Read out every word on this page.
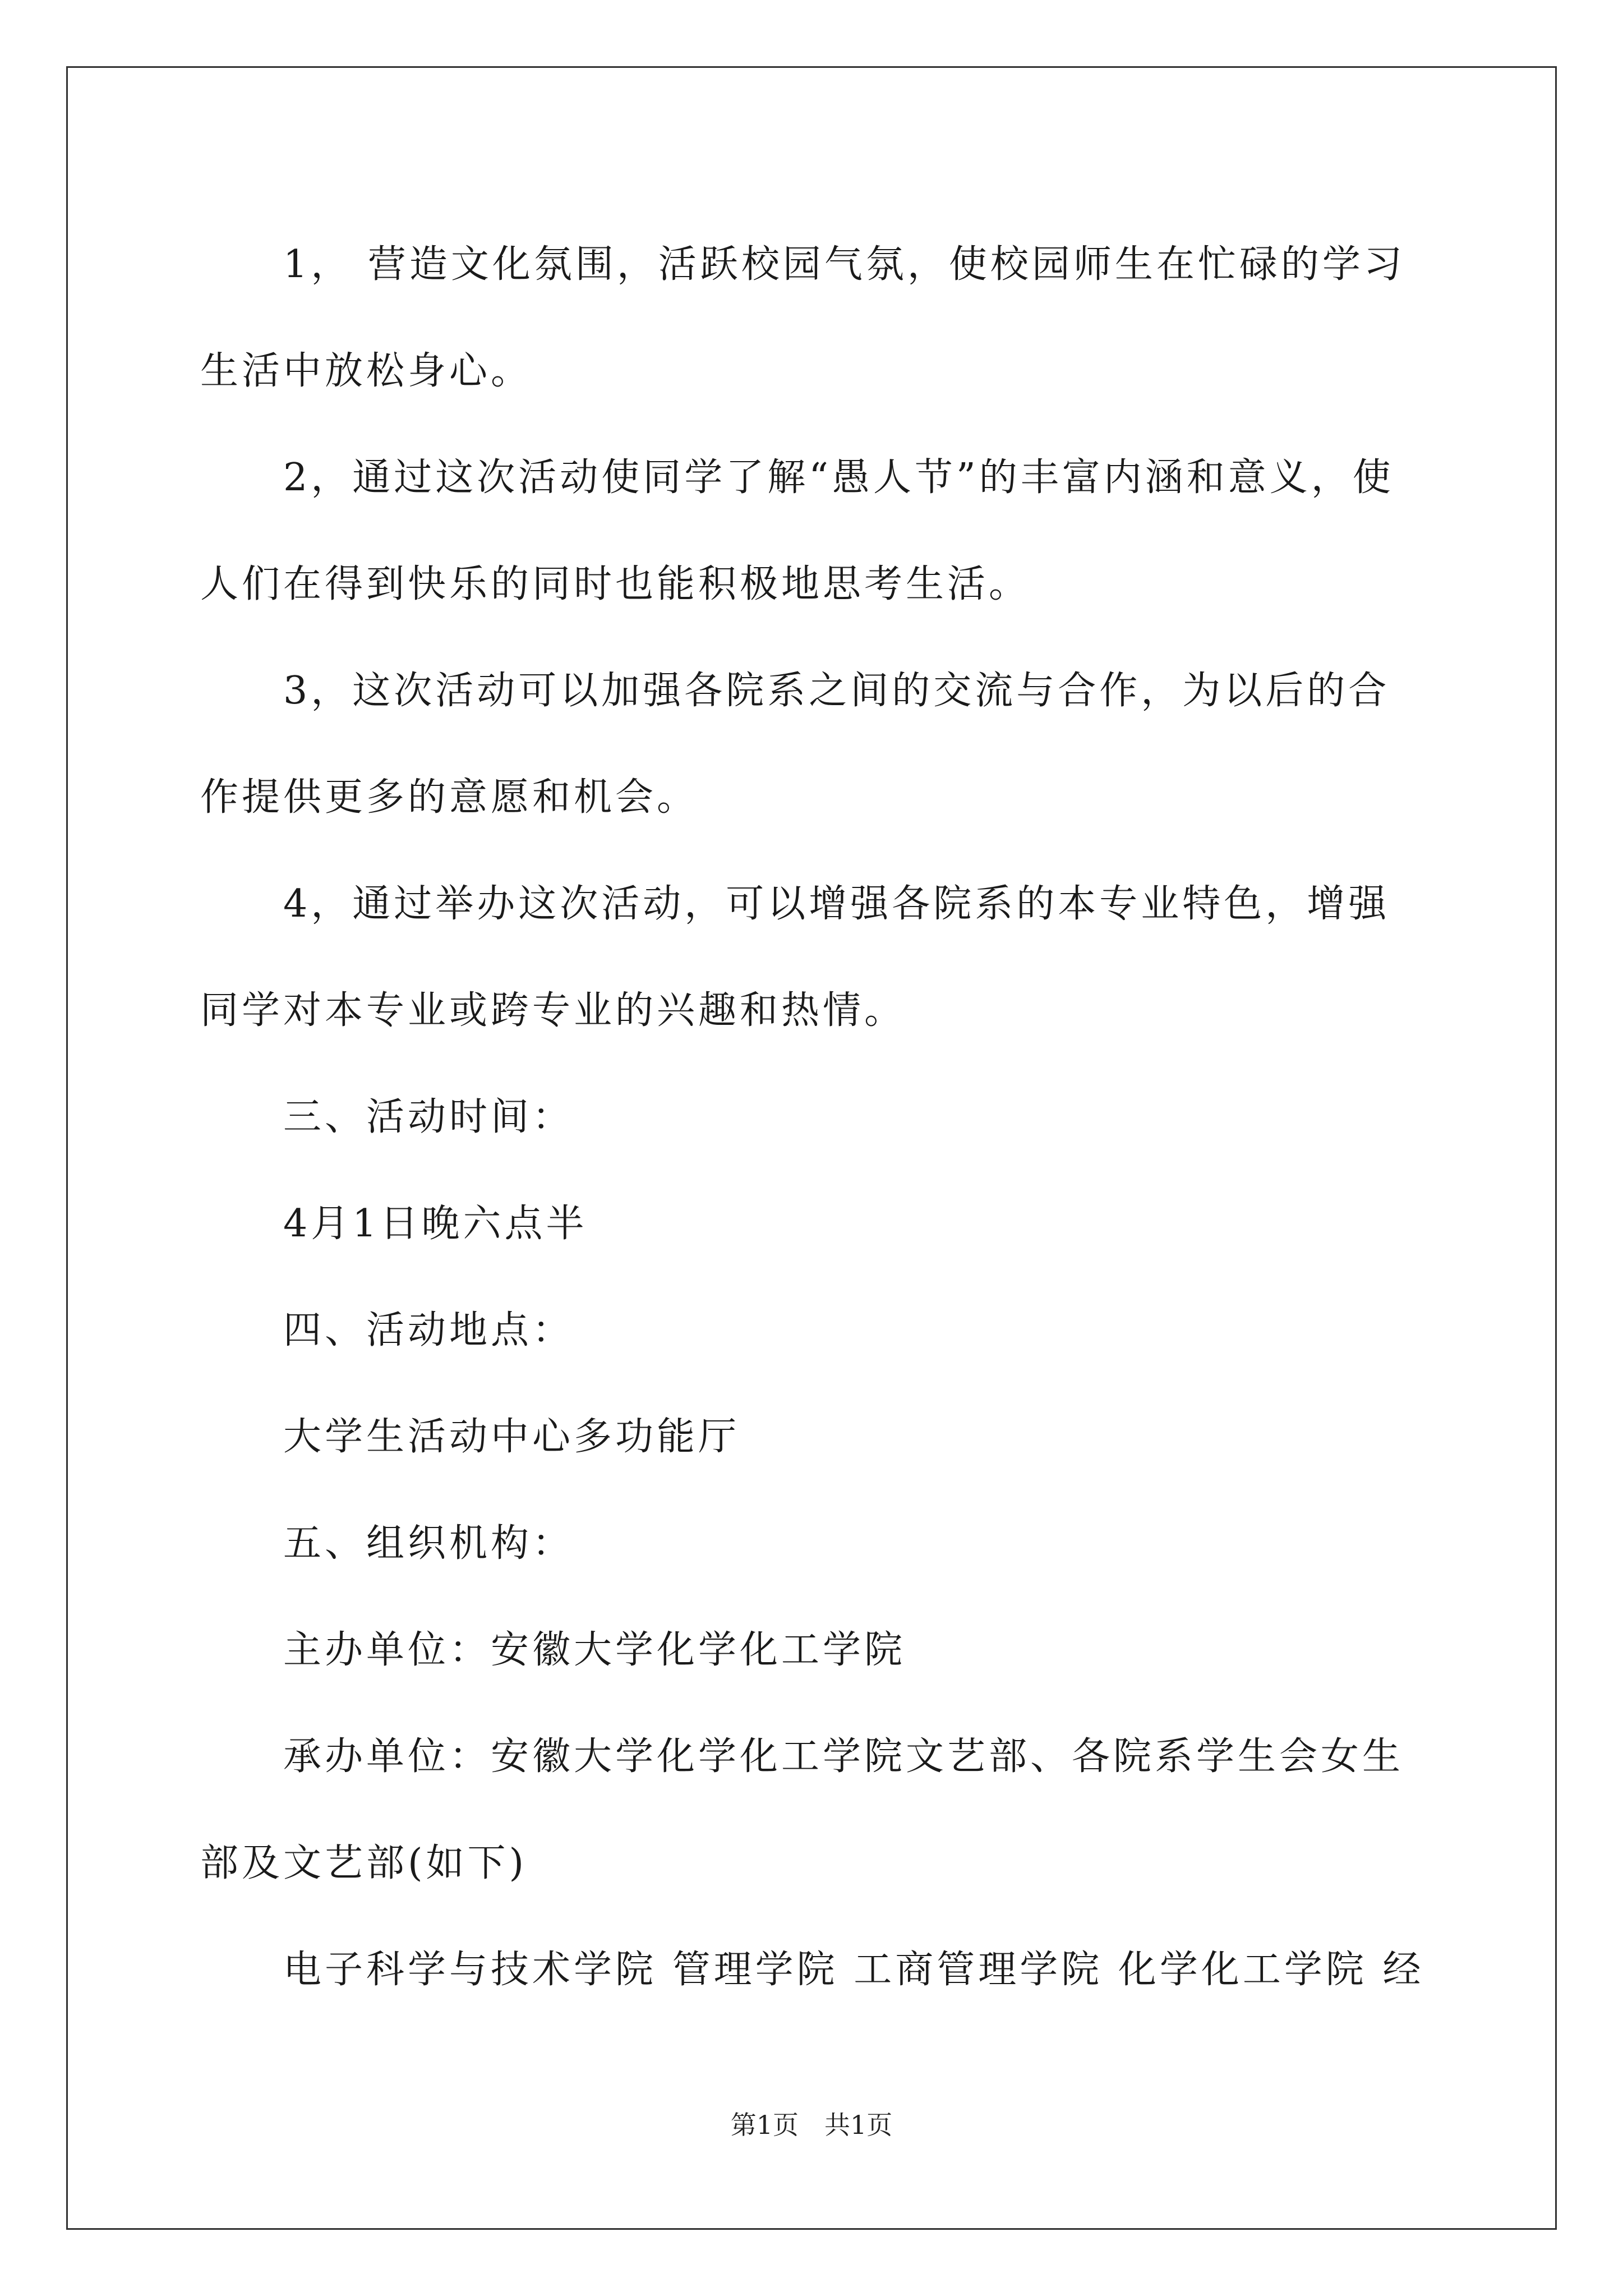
1， 营造文化氛围，活跃校园气氛，使校园师生在忙碌的学习生活中放松身心。

2，通过这次活动使同学了解“愚人节”的丰富内涵和意义，使人们在得到快乐的同时也能积极地思考生活。

3，这次活动可以加强各院系之间的交流与合作，为以后的合作提供更多的意愿和机会。

4，通过举办这次活动，可以增强各院系的本专业特色，增强同学对本专业或跨专业的兴趣和热情。

三、活动时间：

4月1日晚六点半

四、活动地点：

大学生活动中心多功能厅

五、组织机构：

主办单位：安徽大学化学化工学院

承办单位：安徽大学化学化工学院文艺部、各院系学生会女生部及文艺部(如下)

电子科学与技术学院 管理学院 工商管理学院 化学化工学院 经

第1页　共1页
